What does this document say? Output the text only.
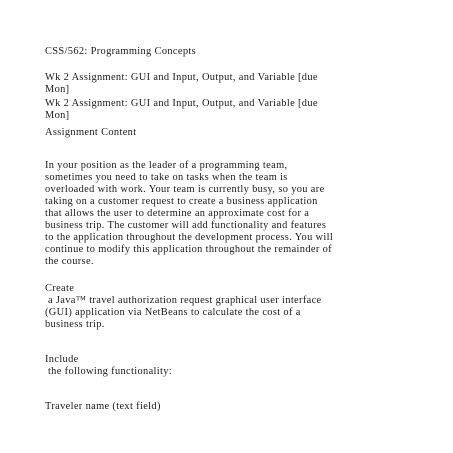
CSS/562: Programming Concepts

Wk 2 Assignment: GUI and Input, Output, and Variable [due

Mon]

Wk 2 Assignment: GUI and Input, Output, and Variable [due

Mon]

Assignment Content

In your position as the leader of a programming team,

sometimes you need to take on tasks when the team is

overloaded with work. Your team is currently busy, so you are

taking on a customer request to create a business application

that allows the user to determine an approximate cost for a

business trip. The customer will add functionality and features

to the application throughout the development process. You will

continue to modify this application throughout the remainder of

the course.

Create

a Java™ travel authorization request graphical user interface

(GUI) application via NetBeans to calculate the cost of a

business trip.

Include

the following functionality:

Traveler name (text field)
